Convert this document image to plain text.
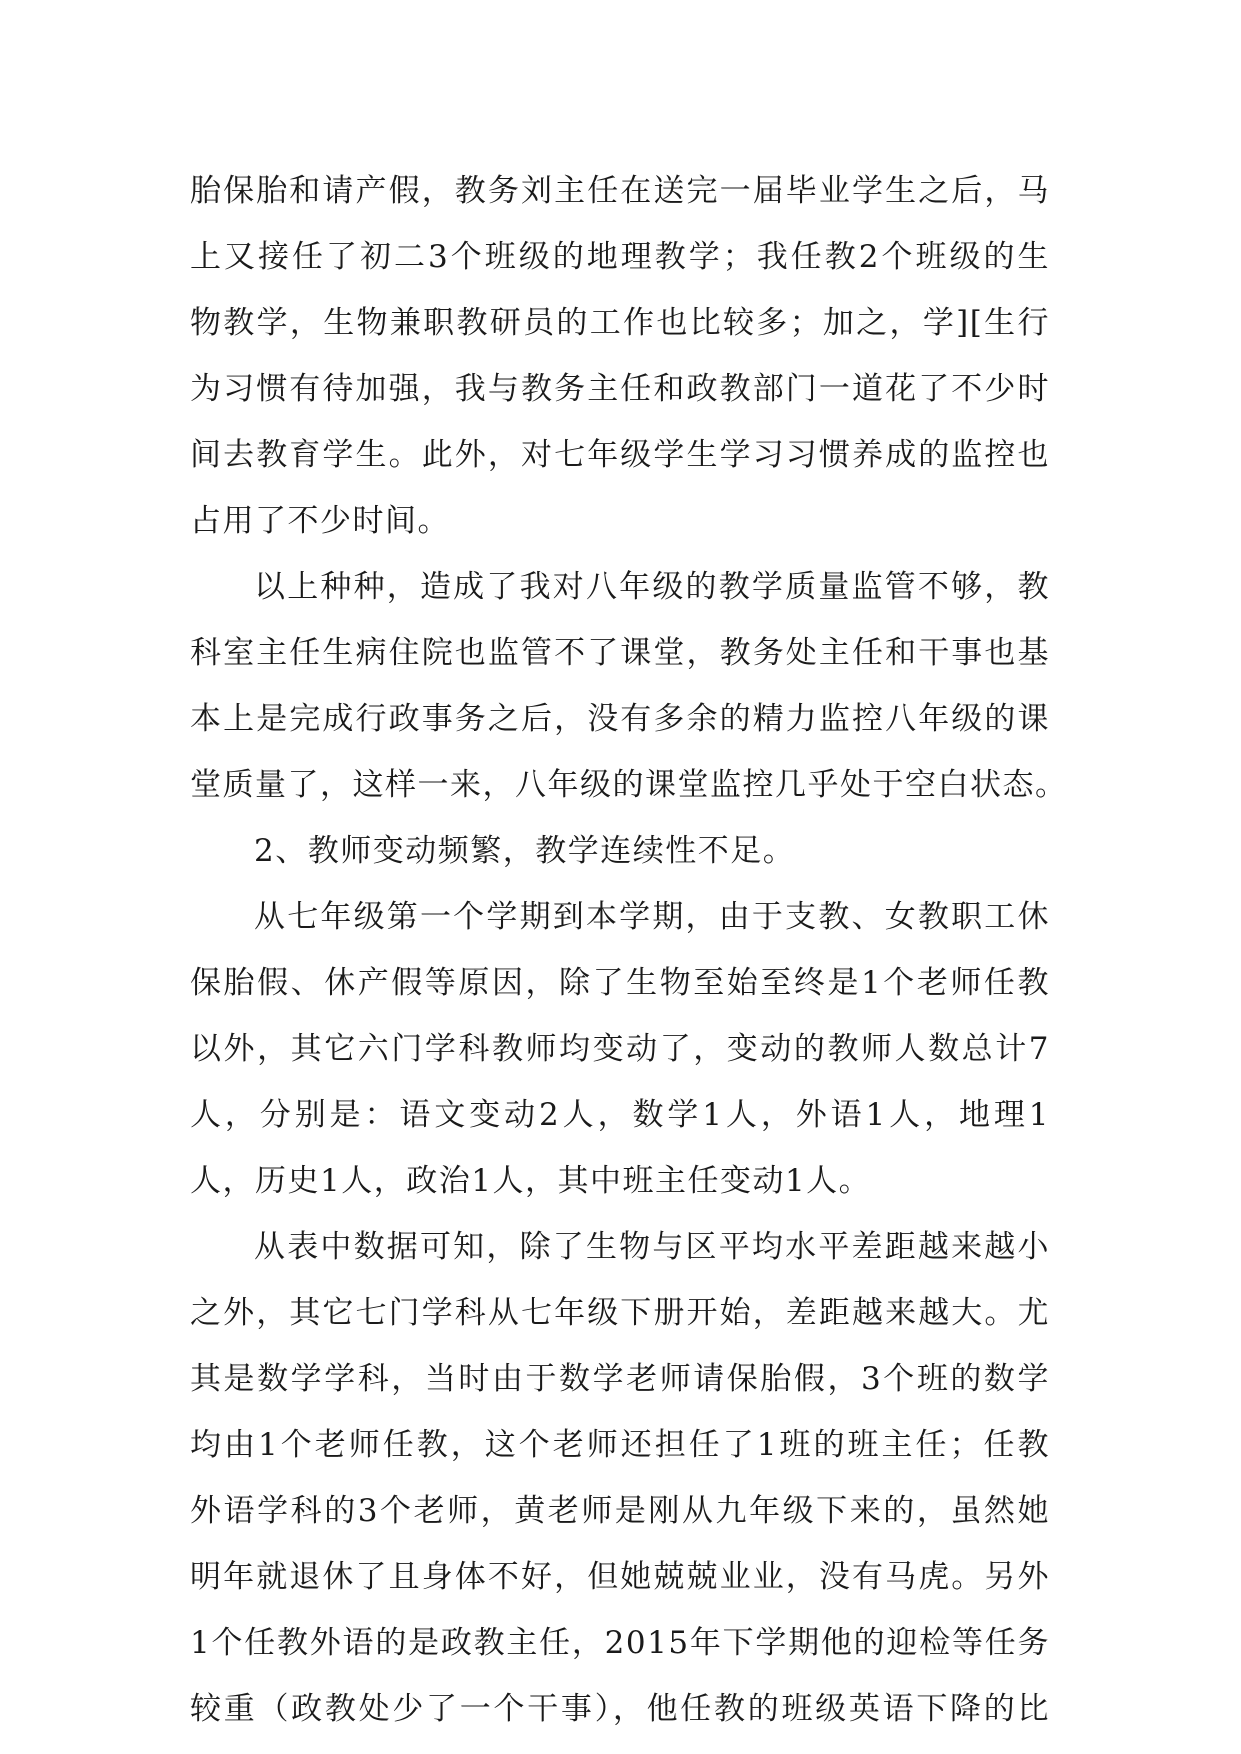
胎保胎和请产假，教务刘主任在送完一届毕业学生之后，马
上又接任了初二3个班级的地理教学；我任教2个班级的生
物教学，生物兼职教研员的工作也比较多；加之，学][生行
为习惯有待加强，我与教务主任和政教部门一道花了不少时
间去教育学生。此外，对七年级学生学习习惯养成的监控也
占用了不少时间。
以上种种，造成了我对八年级的教学质量监管不够，教
科室主任生病住院也监管不了课堂，教务处主任和干事也基
本上是完成行政事务之后，没有多余的精力监控八年级的课
堂质量了，这样一来，八年级的课堂监控几乎处于空白状态。
2、教师变动频繁，教学连续性不足。
从七年级第一个学期到本学期，由于支教、女教职工休
保胎假、休产假等原因，除了生物至始至终是1个老师任教
以外，其它六门学科教师均变动了，变动的教师人数总计7
人，分别是：语文变动2人，数学1人，外语1人，地理1
人，历史1人，政治1人，其中班主任变动1人。
从表中数据可知，除了生物与区平均水平差距越来越小
之外，其它七门学科从七年级下册开始，差距越来越大。尤
其是数学学科，当时由于数学老师请保胎假，3个班的数学
均由1个老师任教，这个老师还担任了1班的班主任；任教
外语学科的3个老师，黄老师是刚从九年级下来的，虽然她
明年就退休了且身体不好，但她兢兢业业，没有马虎。另外
1个任教外语的是政教主任，2015年下学期他的迎检等任务
较重（政教处少了一个干事），他任教的班级英语下降的比
